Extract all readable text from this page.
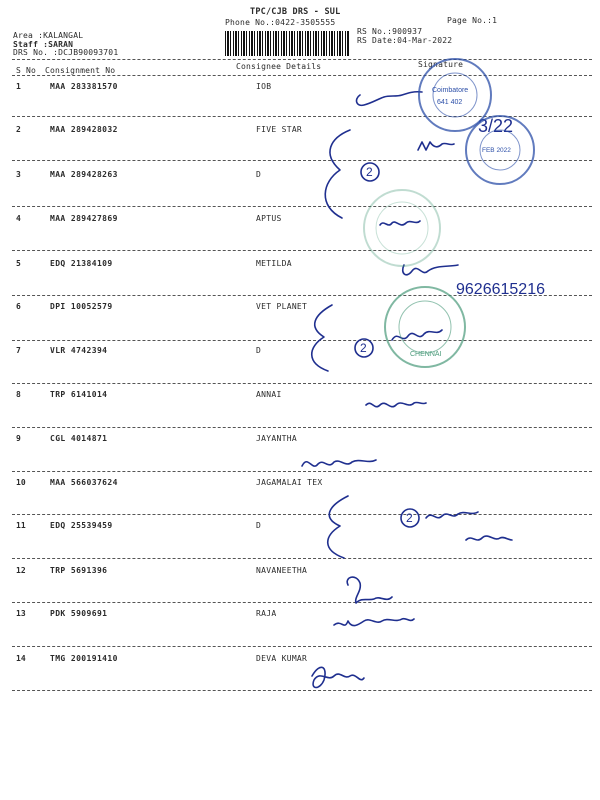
TPC/CJB DRS - SUL
Phone No.:0422-3505555	Page No.:1
Area :KALANGAL
Staff :SARAN
DRS No. :DCJB90093701
RS No.:900937
RS Date:04-Mar-2022
S No Consignment No	Consignee Details	Signature
1	MAA 283381570	IOB
2	MAA 289428032	FIVE STAR
3	MAA 289428263	D
4	MAA 289427869	APTUS
5	EDQ 21384109	METILDA
6	DPI 10052579	VET PLANET
7	VLR 4742394	D
8	TRP 6141014	ANNAI
9	CGL 4014871	JAYANTHA
10	MAA 566037624	JAGAMALAI TEX
11	EDQ 25539459	D
12	TRP 5691396	NAVANEETHA
13	PDK 5909691	RAJA
14	TMG 200191410	DEVA KUMAR
3/22
2
9626615216
2
2
Coimbatore
641 402
FEB 2022
CHENNAI
